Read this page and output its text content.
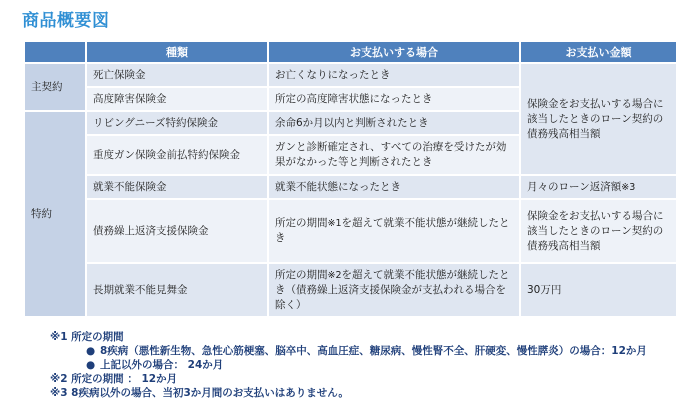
商品概要図
	種類	お支払いする場合	お支払い金額
主契約	死亡保険金	お亡くなりになったとき	保険金をお支払いする場合に該当したときのローン契約の債務残高相当額
	高度障害保険金	所定の高度障害状態になったとき	
特約	リビングニーズ特約保険金	余命6か月以内と判断されたとき	
	重度ガン保険金前払特約保険金	ガンと診断確定され、すべての治療を受けたが効果がなかった等と判断されたとき	
	就業不能保険金	就業不能状態になったとき	月々のローン返済額※3
	債務繰上返済支援保険金	所定の期間※1を超えて就業不能状態が継続したとき	保険金をお支払いする場合に該当したときのローン契約の債務残高相当額
	長期就業不能見舞金	所定の期間※2を超えて就業不能状態が継続したとき（債務繰上返済支援保険金が支払われる場合を除く）	30万円
※1 所定の期間
● 8疾病（悪性新生物、急性心筋梗塞、脳卒中、高血圧症、糖尿病、慢性腎不全、肝硬変、慢性膵炎）の場合：12か月
● 上記以外の場合： 24か月
※2 所定の期間 ： 12か月
※3 8疾病以外の場合、当初3か月間のお支払いはありません。
